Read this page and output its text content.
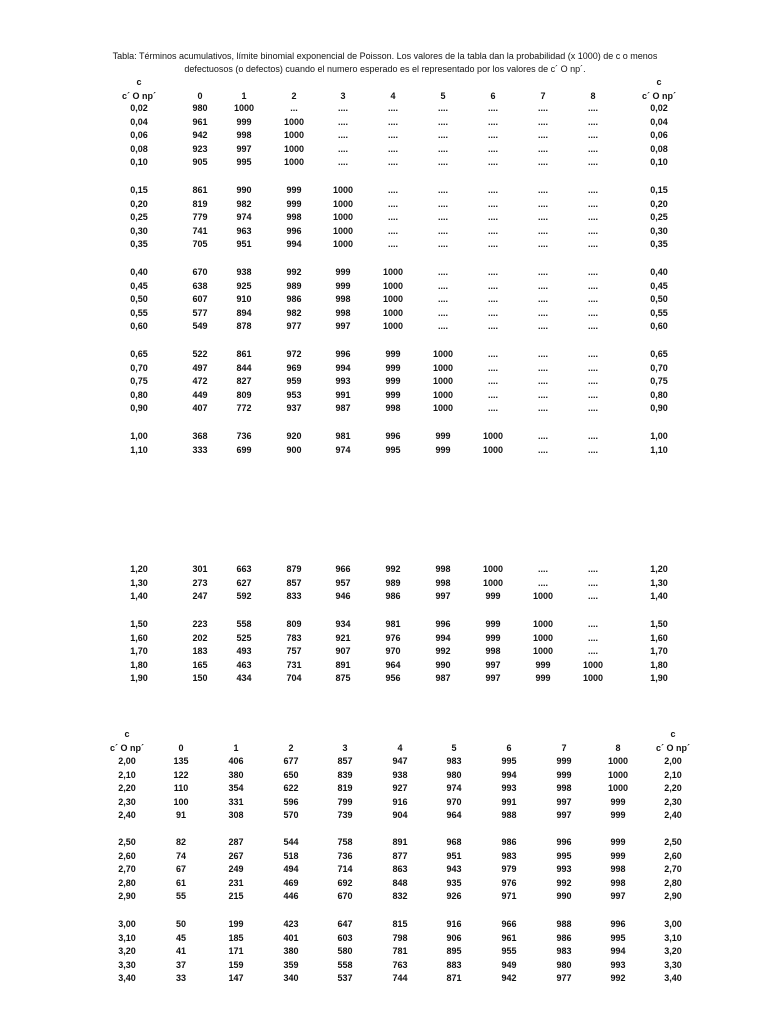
Tabla: Términos acumulativos, límite binomial exponencial de Poisson. Los valores de la tabla dan la probabilidad (x 1000) de c o menos
defectuosos (o defectos) cuando el numero esperado es el representado por los valores de c´ O np´.
c	c
c´ O np´	0	1	2	3	4	5	6	7	8	c´ O np´
0,02	980	1000	...	....	....	....	....	....	....	0,02
0,04	961	999	1000	....	....	....	....	....	....	0,04
0,06	942	998	1000	....	....	....	....	....	....	0,06
0,08	923	997	1000	....	....	....	....	....	....	0,08
0,10	905	995	1000	....	....	....	....	....	....	0,10
0,15	861	990	999	1000	....	....	....	....	....	0,15
0,20	819	982	999	1000	....	....	....	....	....	0,20
0,25	779	974	998	1000	....	....	....	....	....	0,25
0,30	741	963	996	1000	....	....	....	....	....	0,30
0,35	705	951	994	1000	....	....	....	....	....	0,35
0,40	670	938	992	999	1000	....	....	....	....	0,40
0,45	638	925	989	999	1000	....	....	....	....	0,45
0,50	607	910	986	998	1000	....	....	....	....	0,50
0,55	577	894	982	998	1000	....	....	....	....	0,55
0,60	549	878	977	997	1000	....	....	....	....	0,60
0,65	522	861	972	996	999	1000	....	....	....	0,65
0,70	497	844	969	994	999	1000	....	....	....	0,70
0,75	472	827	959	993	999	1000	....	....	....	0,75
0,80	449	809	953	991	999	1000	....	....	....	0,80
0,90	407	772	937	987	998	1000	....	....	....	0,90
1,00	368	736	920	981	996	999	1000	....	....	1,00
1,10	333	699	900	974	995	999	1000	....	....	1,10
1,20	301	663	879	966	992	998	1000	....	....	1,20
1,30	273	627	857	957	989	998	1000	....	....	1,30
1,40	247	592	833	946	986	997	999	1000	....	1,40
1,50	223	558	809	934	981	996	999	1000	....	1,50
1,60	202	525	783	921	976	994	999	1000	....	1,60
1,70	183	493	757	907	970	992	998	1000	....	1,70
1,80	165	463	731	891	964	990	997	999	1000	1,80
1,90	150	434	704	875	956	987	997	999	1000	1,90
c	c
c´ O np´	0	1	2	3	4	5	6	7	8	c´ O np´
2,00	135	406	677	857	947	983	995	999	1000	2,00
2,10	122	380	650	839	938	980	994	999	1000	2,10
2,20	110	354	622	819	927	974	993	998	1000	2,20
2,30	100	331	596	799	916	970	991	997	999	2,30
2,40	91	308	570	739	904	964	988	997	999	2,40
2,50	82	287	544	758	891	968	986	996	999	2,50
2,60	74	267	518	736	877	951	983	995	999	2,60
2,70	67	249	494	714	863	943	979	993	998	2,70
2,80	61	231	469	692	848	935	976	992	998	2,80
2,90	55	215	446	670	832	926	971	990	997	2,90
3,00	50	199	423	647	815	916	966	988	996	3,00
3,10	45	185	401	603	798	906	961	986	995	3,10
3,20	41	171	380	580	781	895	955	983	994	3,20
3,30	37	159	359	558	763	883	949	980	993	3,30
3,40	33	147	340	537	744	871	942	977	992	3,40
